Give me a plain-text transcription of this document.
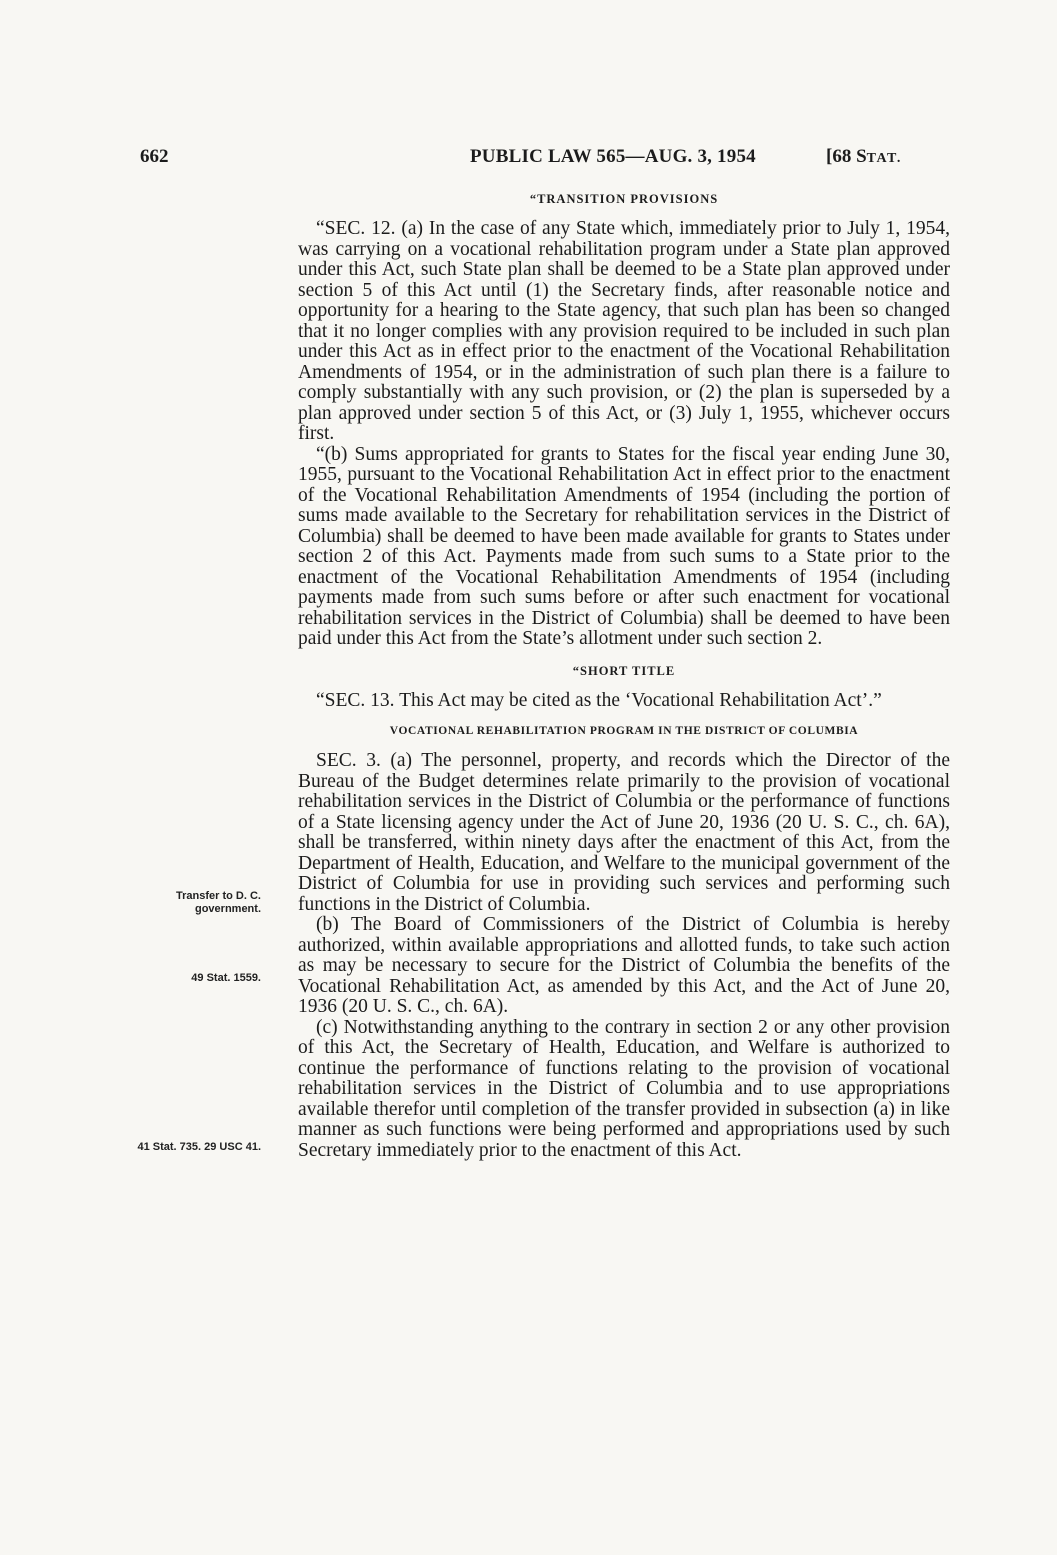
662	PUBLIC LAW 565—AUG. 3, 1954	[68 STAT.
Transfer to D. C. government.
49 Stat. 1559.
41 Stat. 735. 29 USC 41.
“TRANSITION PROVISIONS

“SEC. 12. (a) In the case of any State which, immediately prior to July 1, 1954, was carrying on a vocational rehabilitation program under a State plan approved under this Act, such State plan shall be deemed to be a State plan approved under section 5 of this Act until (1) the Secretary finds, after reasonable notice and opportunity for a hearing to the State agency, that such plan has been so changed that it no longer complies with any provision required to be included in such plan under this Act as in effect prior to the enactment of the Vocational Rehabilitation Amendments of 1954, or in the administration of such plan there is a failure to comply substantially with any such provision, or (2) the plan is superseded by a plan approved under section 5 of this Act, or (3) July 1, 1955, whichever occurs first.

“(b) Sums appropriated for grants to States for the fiscal year ending June 30, 1955, pursuant to the Vocational Rehabilitation Act in effect prior to the enactment of the Vocational Rehabilitation Amendments of 1954 (including the portion of sums made available to the Secretary for rehabilitation services in the District of Columbia) shall be deemed to have been made available for grants to States under section 2 of this Act. Payments made from such sums to a State prior to the enactment of the Vocational Rehabilitation Amendments of 1954 (including payments made from such sums before or after such enactment for vocational rehabilitation services in the District of Columbia) shall be deemed to have been paid under this Act from the State’s allotment under such section 2.

“SHORT TITLE

“SEC. 13. This Act may be cited as the ‘Vocational Rehabilitation Act’.”

VOCATIONAL REHABILITATION PROGRAM IN THE DISTRICT OF COLUMBIA

SEC. 3. (a) The personnel, property, and records which the Director of the Bureau of the Budget determines relate primarily to the provision of vocational rehabilitation services in the District of Columbia or the performance of functions of a State licensing agency under the Act of June 20, 1936 (20 U. S. C., ch. 6A), shall be transferred, within ninety days after the enactment of this Act, from the Department of Health, Education, and Welfare to the municipal government of the District of Columbia for use in providing such services and performing such functions in the District of Columbia.

(b) The Board of Commissioners of the District of Columbia is hereby authorized, within available appropriations and allotted funds, to take such action as may be necessary to secure for the District of Columbia the benefits of the Vocational Rehabilitation Act, as amended by this Act, and the Act of June 20, 1936 (20 U. S. C., ch. 6A).

(c) Notwithstanding anything to the contrary in section 2 or any other provision of this Act, the Secretary of Health, Education, and Welfare is authorized to continue the performance of functions relating to the provision of vocational rehabilitation services in the District of Columbia and to use appropriations available therefor until completion of the transfer provided in subsection (a) in like manner as such functions were being performed and appropriations used by such Secretary immediately prior to the enactment of this Act.
